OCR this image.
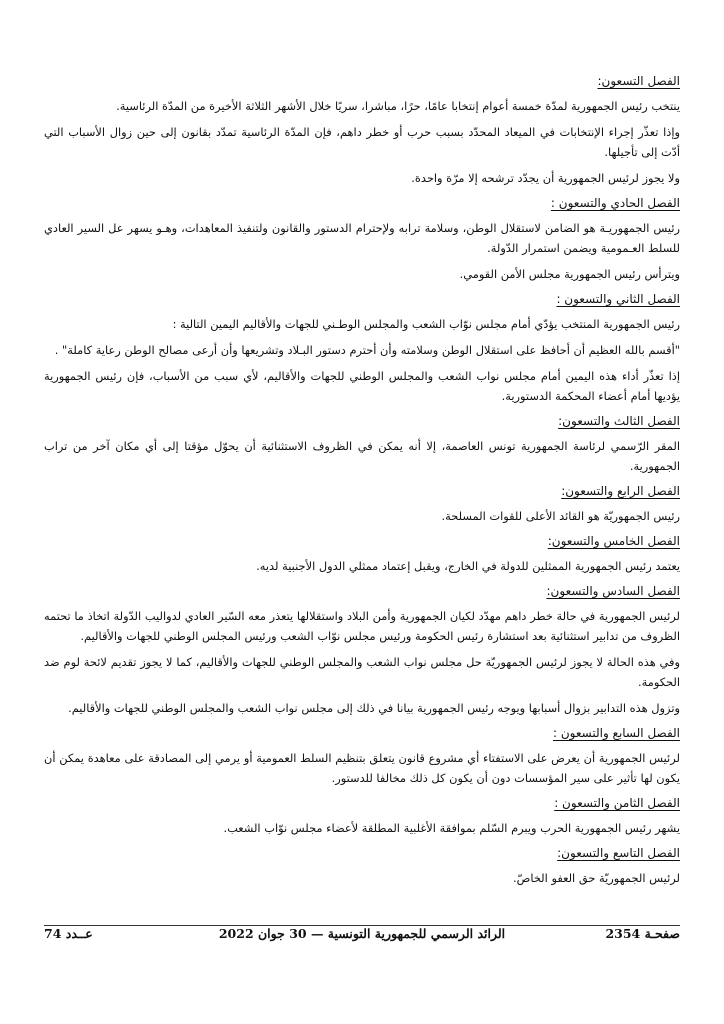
الفصل التسعون:

ينتخب رئيس الجمهورية لمدّة خمسة أعوام إنتخابا عامًا، حرًا، مباشرا، سريًا خلال الأشهر الثلاثة الأخيرة من المدّة الرئاسية.

وإذا تعذّر إجراء الإنتخابات في الميعاد المحدّد بسبب حرب أو خطر داهم، فإن المدّة الرئاسية تمدّد بقانون إلى حين زوال الأسباب التي أدّت إلى تأجيلها.

ولا يجوز لرئيس الجمهورية أن يجدّد ترشحه إلا مرّة واحدة.

الفصل الحادي والتسعون :

رئيس الجمهوريـة هو الضامن لاستقلال الوطن، وسلامة ترابه ولإحترام الدستور والقانون ولتنفيذ المعاهدات، وهـو يسهر عل السير العادي للسلط العـمومية ويضمن استمرار الدّولة.

ويترأس رئيس الجمهورية مجلس الأمن القومي.

الفصل الثاني والتسعون :

رئيس الجمهورية المنتخب يؤدّي أمام مجلس نوّاب الشعب والمجلس الوطـني للجهات والأقاليم اليمين التالية :

"أقسم بالله العظيم أن أحافظ على استقلال الوطن وسلامته وأن أحترم دستور البـلاد وتشريعها وأن أرعى مصالح الوطن رعاية كاملة" .

إذا تعذّر أداء هذه اليمين أمام مجلس نواب الشعب والمجلس الوطني للجهات والأقاليم، لأي سبب من الأسباب، فإن رئيس الجمهورية يؤديها أمام أعضاء المحكمة الدستورية.

الفصل الثالث والتسعون:

المقر الرّسمي لرئاسة الجمهورية تونس العاصمة، إلا أنه يمكن في الظروف الاستثنائية أن يحوّل مؤقتا إلى أي مكان آخر من تراب الجمهورية.

الفصل الرابع والتسعون:

رئيس الجمهوريّة هو القائد الأعلى للقوات المسلحة.

الفصل الخامس والتسعون:

يعتمد رئيس الجمهورية الممثلين للدولة في الخارج، ويقبل إعتماد ممثلي الدول الأجنبية لديه.

الفصل السادس والتسعون:

لرئيس الجمهورية في حالة خطر داهم مهدّد لكيان الجمهورية وأمن البلاد واستقلالها يتعذر معه السّير العادي لدواليب الدّولة اتخاذ ما تحتمه الظروف من تدابير استثنائية بعد استشارة رئيس الحكومة ورئيس مجلس نوّاب الشعب ورئيس المجلس الوطني للجهات والأقاليم.

وفي هذه الحالة لا يجوز لرئيس الجمهوريّة حل مجلس نواب الشعب والمجلس الوطني للجهات والأقاليم، كما لا يجوز تقديم لائحة لوم ضد الحكومة.

وتزول هذه التدابير بزوال أسبابها ويوجه رئيس الجمهورية بيانا في ذلك إلى مجلس نواب الشعب والمجلس الوطني للجهات والأقاليم.

الفصل السابع والتسعون :

لرئيس الجمهورية أن يعرض على الاستفتاء أي مشروع قانون يتعلق بتنظيم السلط العمومية أو يرمي إلى المصادقة على معاهدة يمكن أن يكون لها تأثير على سير المؤسسات دون أن يكون كل ذلك مخالفا للدستور.

الفصل الثامن والتسعون :

يشهر رئيس الجمهورية الحرب ويبرم السّلم بموافقة الأغلبية المطلقة لأعضاء مجلس نوّاب الشعب.

الفصل التاسع والتسعون:

لرئيس الجمهوريّة حق العفو الخاصّ.

صفحـة 2354
الرائد الرسمي للجمهورية التونسية — 30 جوان 2022
عــدد 74
